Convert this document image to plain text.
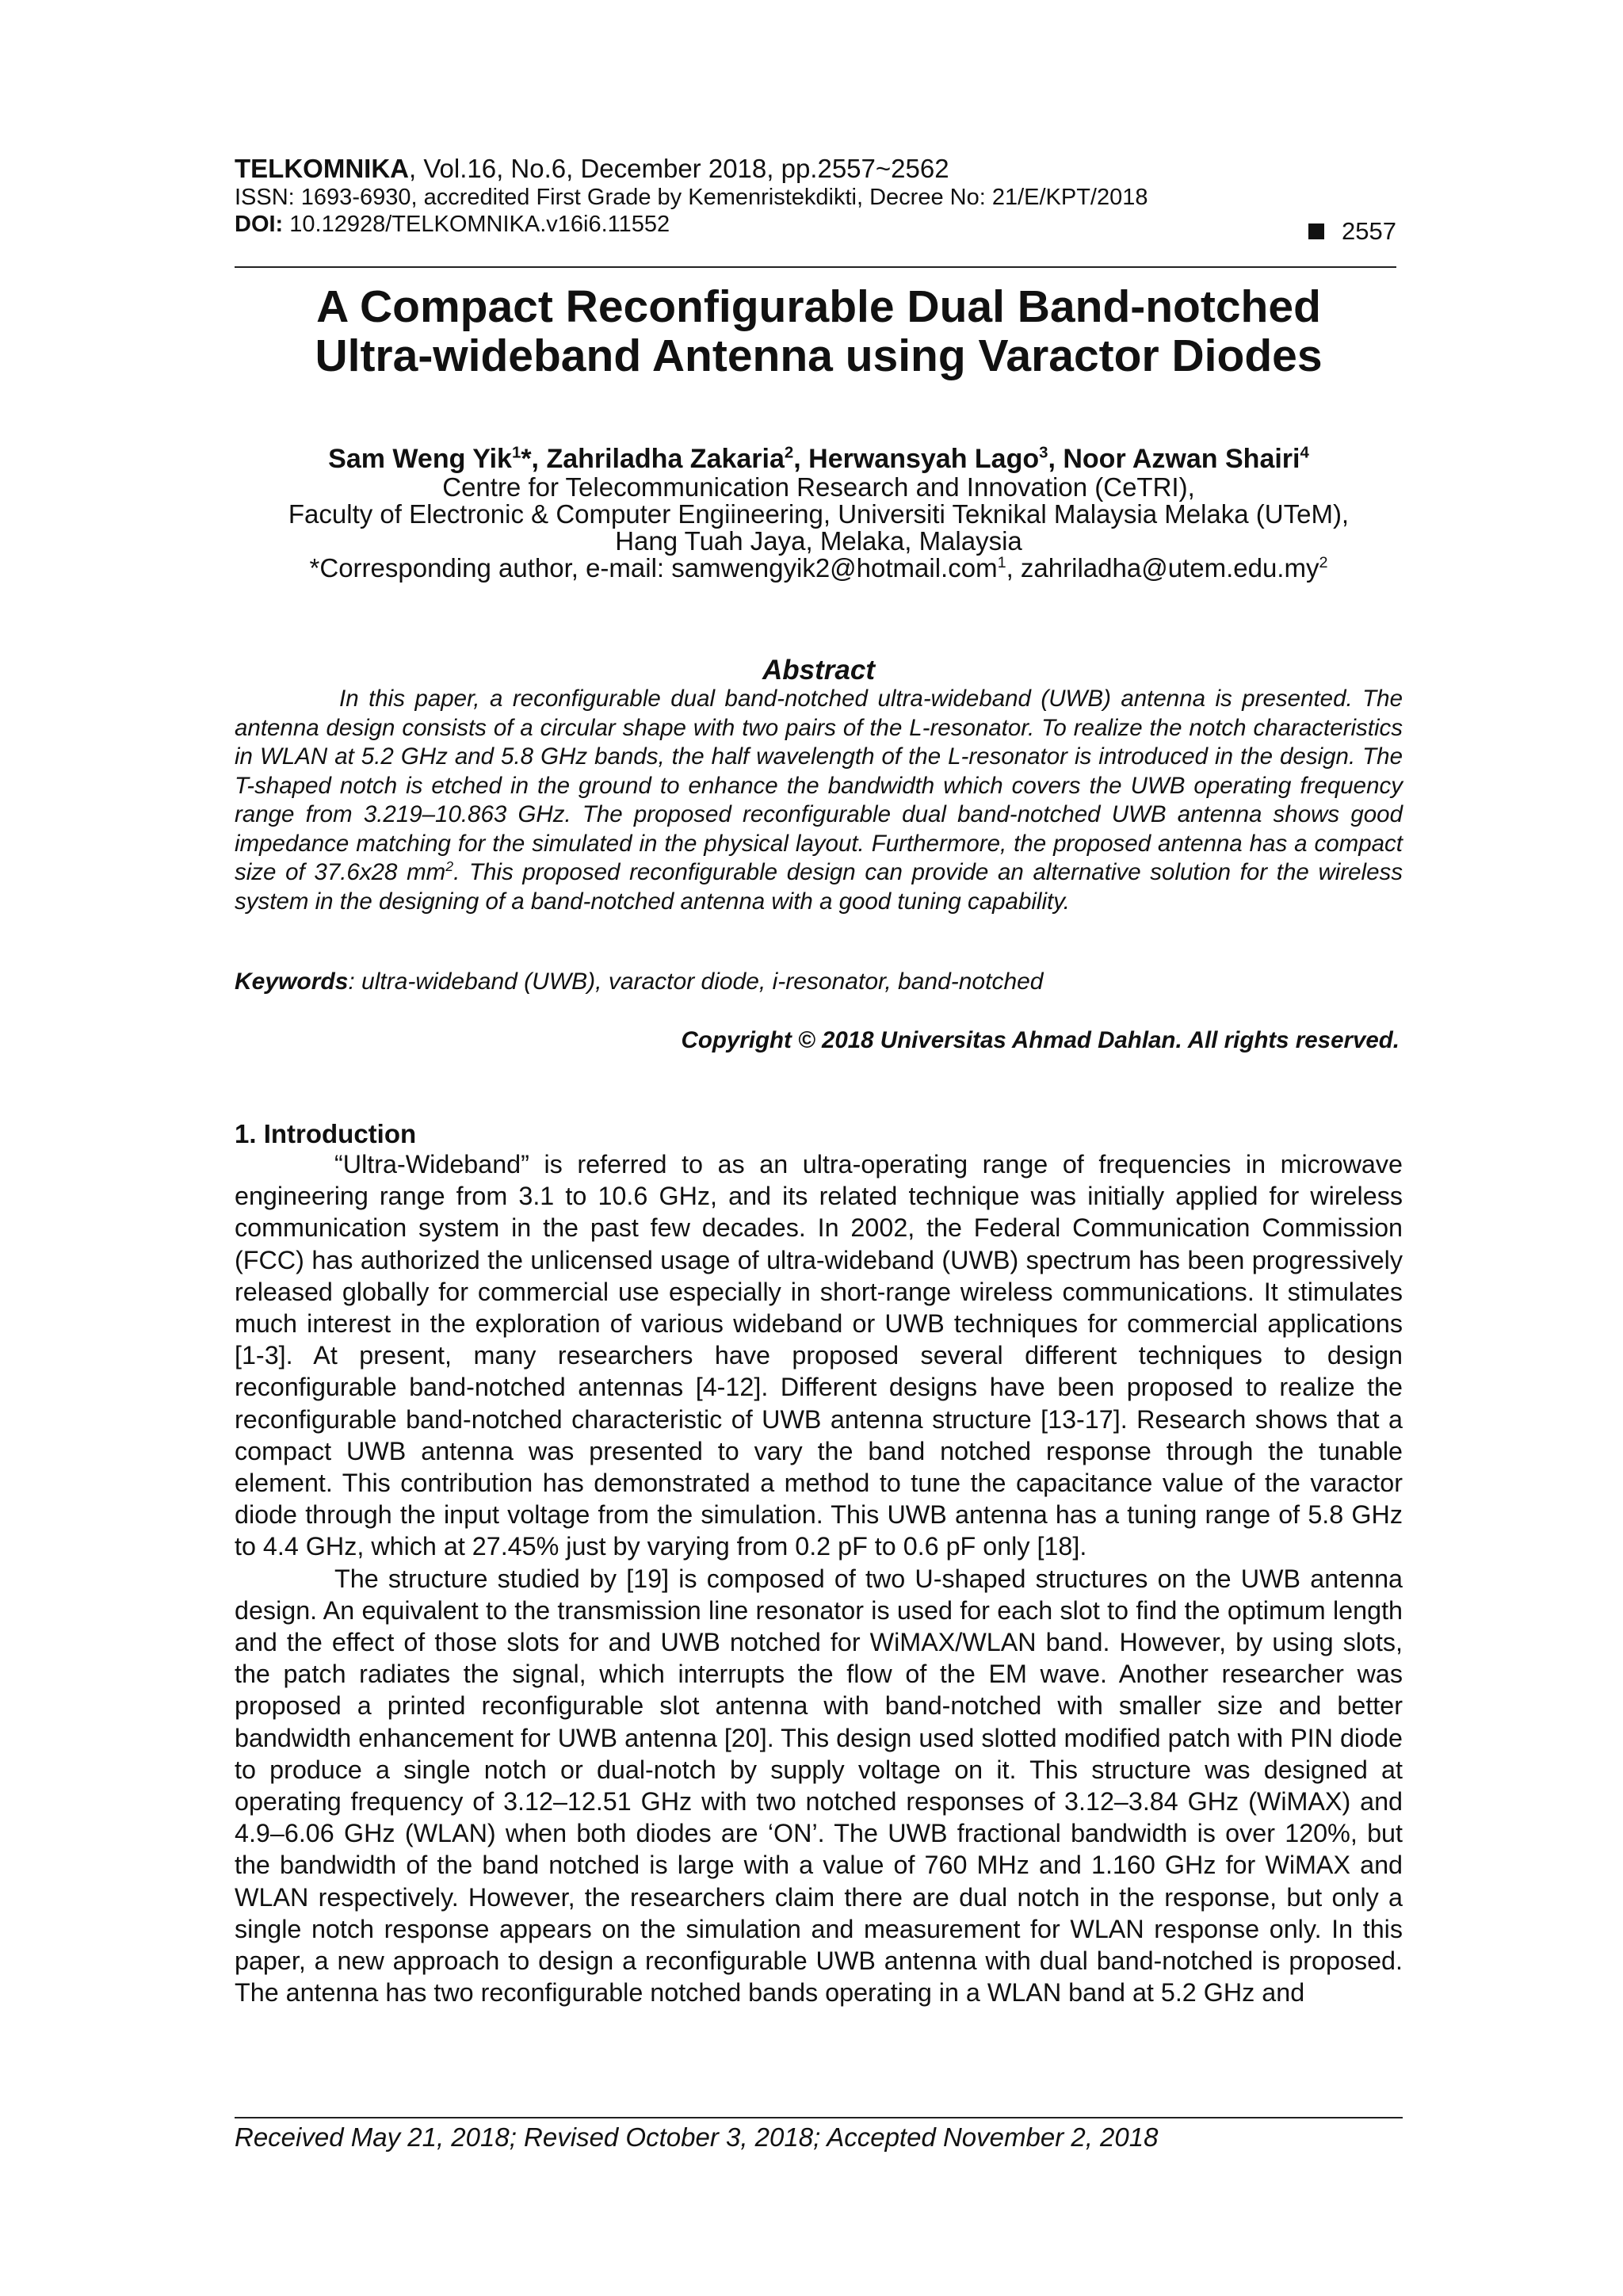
TELKOMNIKA, Vol.16, No.6, December 2018, pp.2557~2562
ISSN: 1693-6930, accredited First Grade by Kemenristekdikti, Decree No: 21/E/KPT/2018
DOI: 10.12928/TELKOMNIKA.v16i6.11552	2557
A Compact Reconfigurable Dual Band-notched
Ultra-wideband Antenna using Varactor Diodes
Sam Weng Yik$^1$*, Zahriladha Zakaria$^2$, Herwansyah Lago$^3$, Noor Azwan Shairi$^4$
Centre for Telecommunication Research and Innovation (CeTRI),
Faculty of Electronic & Computer Engiineering, Universiti Teknikal Malaysia Melaka (UTeM),
Hang Tuah Jaya, Melaka, Malaysia
*Corresponding author, e-mail: samwengyik2@hotmail.com$^1$, $zahriladha@utem.edu.my^2$
Abstract
In this paper, a reconfigurable dual band-notched ultra-wideband (UWB) antenna is presented. The antenna design consists of a circular shape with two pairs of the L-resonator. To realize the notch characteristics in WLAN at 5.2 GHz and 5.8 GHz bands, the half wavelength of the L-resonator is introduced in the design. The T-shaped notch is etched in the ground to enhance the bandwidth which covers the UWB operating frequency range from 3.219–10.863 GHz. The proposed reconfigurable dual band-notched UWB antenna shows good impedance matching for the simulated in the physical layout. Furthermore, the proposed antenna has a compact size of 37.6x28 $mm^2$. This proposed reconfigurable design can provide an alternative solution for the wireless system in the designing of a band-notched antenna with a good tuning capability.
Keywords: ultra-wideband (UWB), varactor diode, i-resonator, band-notched
Copyright © 2018 Universitas Ahmad Dahlan. All rights reserved.
1. Introduction

“Ultra-Wideband” is referred to as an ultra-operating range of frequencies in microwave engineering range from 3.1 to 10.6 GHz, and its related technique was initially applied for wireless communication system in the past few decades. In 2002, the Federal Communication Commission (FCC) has authorized the unlicensed usage of ultra-wideband (UWB) spectrum has been progressively released globally for commercial use especially in short-range wireless communications. It stimulates much interest in the exploration of various wideband or UWB techniques for commercial applications [1-3]. At present, many researchers have proposed several different techniques to design reconfigurable band-notched antennas [4-12]. Different designs have been proposed to realize the reconfigurable band-notched characteristic of UWB antenna structure [13-17]. Research shows that a compact UWB antenna was presented to vary the band notched response through the tunable element. This contribution has demonstrated a method to tune the capacitance value of the varactor diode through the input voltage from the simulation. This UWB antenna has a tuning range of 5.8 GHz to 4.4 GHz, which at 27.45% just by varying from 0.2 pF to 0.6 pF only [18].

The structure studied by [19] is composed of two U-shaped structures on the UWB antenna design. An equivalent to the transmission line resonator is used for each slot to find the optimum length and the effect of those slots for and UWB notched for WiMAX/WLAN band. However, by using slots, the patch radiates the signal, which interrupts the flow of the EM wave. Another researcher was proposed a printed reconfigurable slot antenna with band-notched with smaller size and better bandwidth enhancement for UWB antenna [20]. This design used slotted modified patch with PIN diode to produce a single notch or dual-notch by supply voltage on it. This structure was designed at operating frequency of 3.12–12.51 GHz with two notched responses of 3.12–3.84 GHz (WiMAX) and 4.9–6.06 GHz (WLAN) when both diodes are ‘ON’. The UWB fractional bandwidth is over 120%, but the bandwidth of the band notched is large with a value of 760 MHz and 1.160 GHz for WiMAX and WLAN respectively. However, the researchers claim there are dual notch in the response, but only a single notch response appears on the simulation and measurement for WLAN response only. In this paper, a new approach to design a reconfigurable UWB antenna with dual band-notched is proposed. The antenna has two reconfigurable notched bands operating in a WLAN band at 5.2 GHz and

Received May 21, 2018; Revised October 3, 2018; Accepted November 2, 2018
